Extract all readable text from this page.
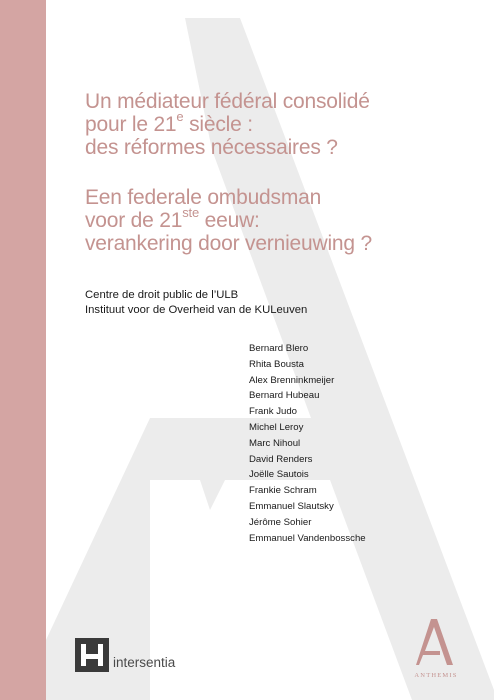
Un médiateur fédéral consolidé
pour le 21e siècle :
des réformes nécessaires ?
Een federale ombudsman
voor de 21ste eeuw:
verankering door vernieuwing ?
Centre de droit public de l’ULB
Instituut voor de Overheid van de KULeuven
Bernard Blero
Rhita Bousta
Alex Brenninkmeijer
Bernard Hubeau
Frank Judo
Michel Leroy
Marc Nihoul
David Renders
Joëlle Sautois
Frankie Schram
Emmanuel Slautsky
Jérôme Sohier
Emmanuel Vandenbossche
intersentia
ANTHEMIS
